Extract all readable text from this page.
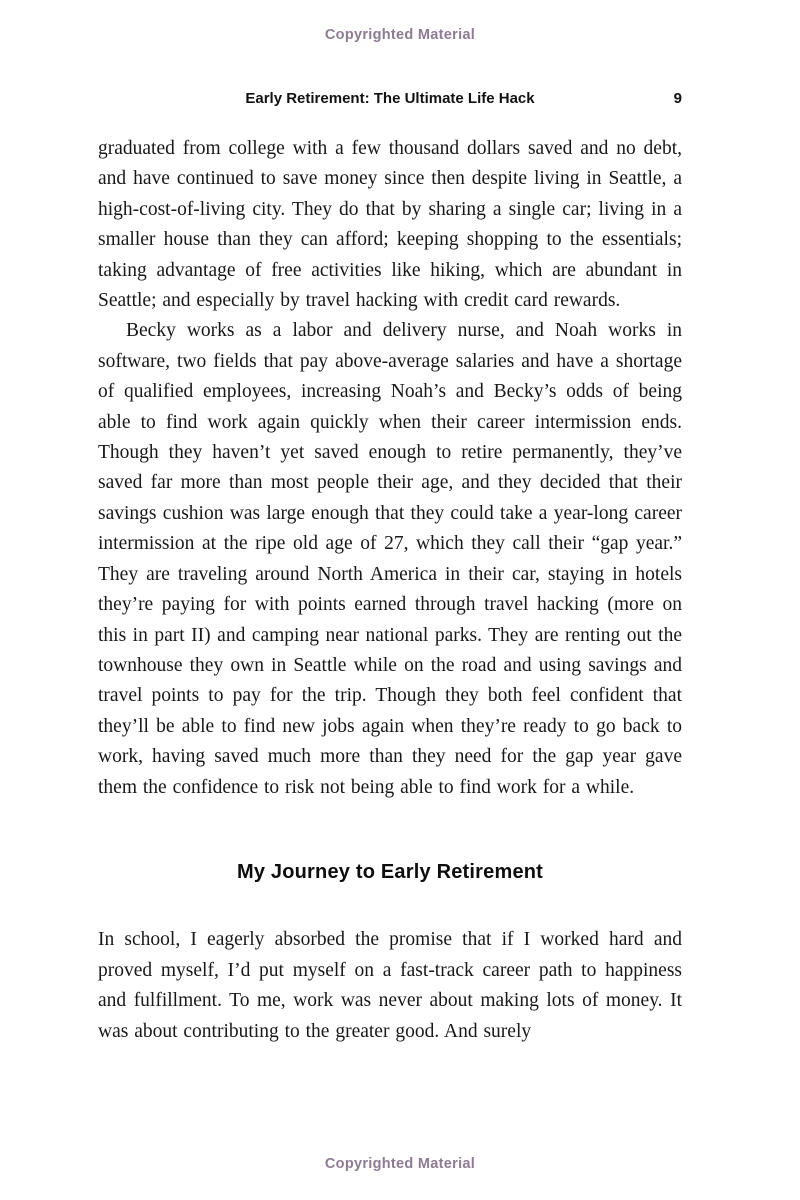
Copyrighted Material
Early Retirement: The Ultimate Life Hack	9

graduated from college with a few thousand dollars saved and no debt, and have continued to save money since then despite living in Seattle, a high-cost-of-living city. They do that by sharing a single car; living in a smaller house than they can afford; keeping shopping to the essentials; taking advantage of free activities like hiking, which are abundant in Seattle; and especially by travel hacking with credit card rewards.

Becky works as a labor and delivery nurse, and Noah works in software, two fields that pay above-average salaries and have a shortage of qualified employees, increasing Noah’s and Becky’s odds of being able to find work again quickly when their career intermission ends. Though they haven’t yet saved enough to retire permanently, they’ve saved far more than most people their age, and they decided that their savings cushion was large enough that they could take a year-long career intermission at the ripe old age of 27, which they call their “gap year.” They are traveling around North America in their car, staying in hotels they’re paying for with points earned through travel hacking (more on this in part II) and camping near national parks. They are renting out the townhouse they own in Seattle while on the road and using savings and travel points to pay for the trip. Though they both feel confident that they’ll be able to find new jobs again when they’re ready to go back to work, having saved much more than they need for the gap year gave them the confidence to risk not being able to find work for a while.

My Journey to Early Retirement

In school, I eagerly absorbed the promise that if I worked hard and proved myself, I’d put myself on a fast-track career path to happiness and fulfillment. To me, work was never about making lots of money. It was about contributing to the greater good. And surely

Copyrighted Material
